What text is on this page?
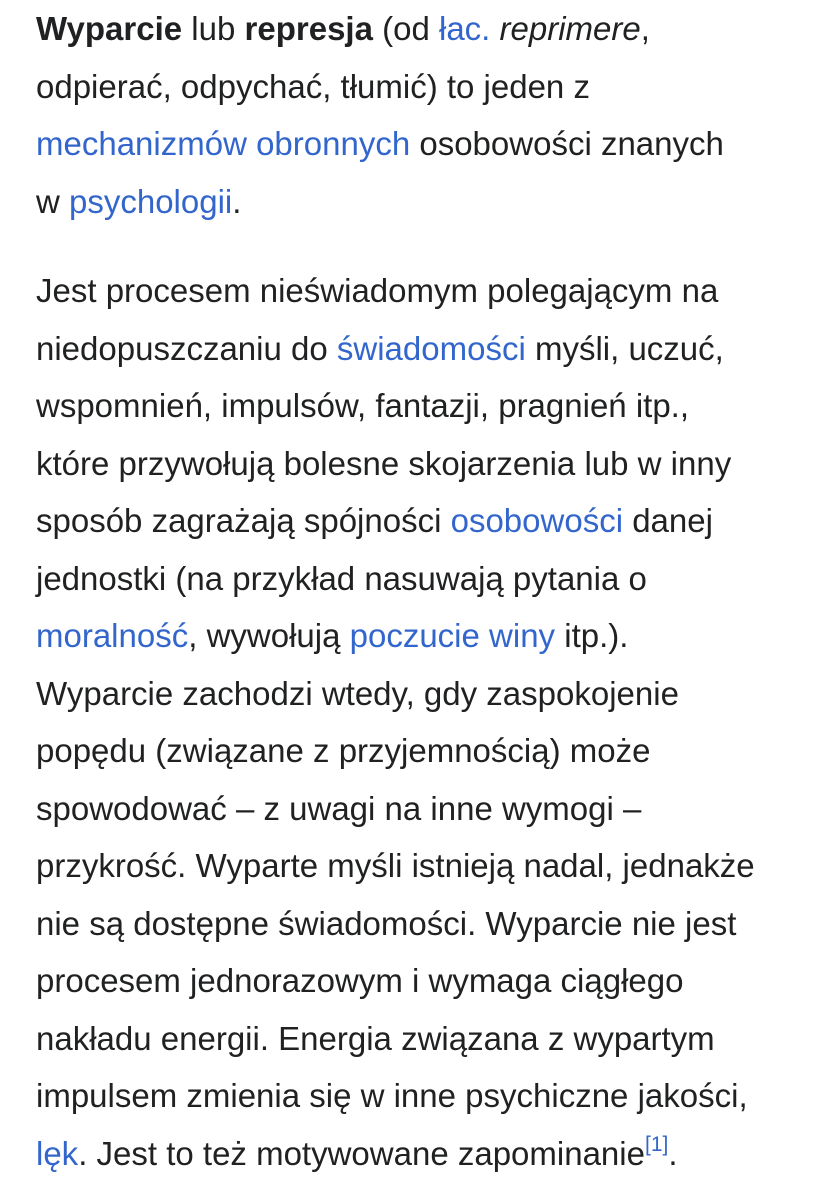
Wyparcie lub represja (od łac. reprimere,
odpierać, odpychać, tłumić) to jeden z
mechanizmów obronnych osobowości znanych
w psychologii.
Jest procesem nieświadomym polegającym na
niedopuszczaniu do świadomości myśli, uczuć,
wspomnień, impulsów, fantazji, pragnień itp.,
które przywołują bolesne skojarzenia lub w inny
sposób zagrażają spójności osobowości danej
jednostki (na przykład nasuwają pytania o
moralność, wywołują poczucie winy itp.).
Wyparcie zachodzi wtedy, gdy zaspokojenie
popędu (związane z przyjemnością) może
spowodować – z uwagi na inne wymogi –
przykrość. Wyparte myśli istnieją nadal, jednakże
nie są dostępne świadomości. Wyparcie nie jest
procesem jednorazowym i wymaga ciągłego
nakładu energii. Energia związana z wypartym
impulsem zmienia się w inne psychiczne jakości,
lęk. Jest to też motywowane zapominanie[1].
